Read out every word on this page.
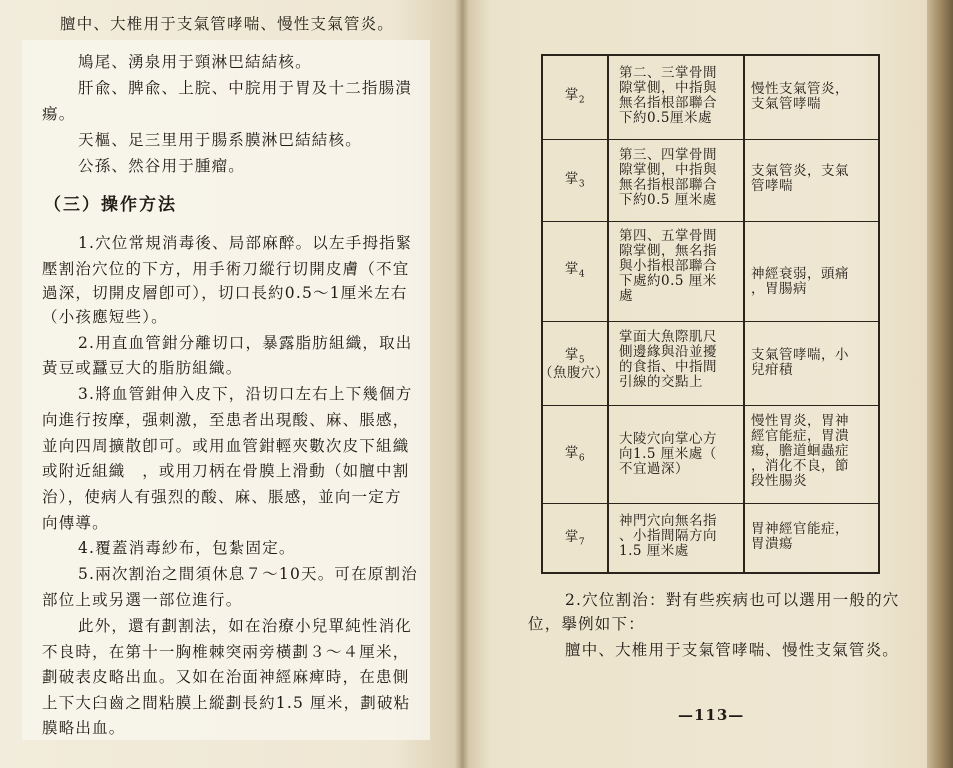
膻中、大椎用于支氣管哮喘、慢性支氣管炎。
鳩尾、湧泉用于頸淋巴結結核。
肝兪、脾兪、上脘、中脘用于胃及十二指腸潰
瘍。
天樞、足三里用于腸系膜淋巴結結核。
公孫、然谷用于腫瘤。
（三）操作方法
1.穴位常規消毒後、局部麻醉。以左手拇指緊
壓割治穴位的下方，用手術刀縱行切開皮膚（不宜
過深，切開皮層卽可），切口長約0.5～1厘米左右
（小孩應短些）。
2.用直血管鉗分離切口，暴露脂肪組織，取出
黃豆或蠶豆大的脂肪組織。
3.將血管鉗伸入皮下，沿切口左右上下幾個方
向進行按摩，强刺激，至患者出現酸、麻、脹感，
並向四周擴散卽可。或用血管鉗輕夾數次皮下組織
或附近組織　，或用刀柄在骨膜上滑動（如膻中割
治），使病人有强烈的酸、麻、脹感，並向一定方
向傳導。
4.覆蓋消毒紗布，包紮固定。
5.兩次割治之間須休息７～10天。可在原割治
部位上或另選一部位進行。
此外，還有劃割法，如在治療小兒單純性消化
不良時，在第十一胸椎棘突兩旁橫劃３～４厘米，
劃破表皮略出血。又如在治面神經麻痺時，在患側
上下大臼齒之間粘膜上縱劃長約1.5 厘米，劃破粘
膜略出血。
掌$_2$
第二、三掌骨間
隙掌側，中指與
無名指根部聯合
下約0.5厘米處
慢性支氣管炎，
支氣管哮喘
掌$_3$
第三、四掌骨間
隙掌側，中指與
無名指根部聯合
下約0.5 厘米處
支氣管炎，支氣
管哮喘
掌$_4$
第四、五掌骨間
隙掌側，無名指
與小指根部聯合
下處約0.5 厘米
處
神經衰弱，頭痛
，胃腸病
掌$_5$
（魚腹穴）
掌面大魚際肌尺
側邊緣與沿並擾
的食指、中指間
引線的交點上
支氣管哮喘，小
兒疳積
掌$_6$
大陵穴向掌心方
向1.5 厘米處（
不宜過深）
慢性胃炎，胃神
經官能症，胃潰
瘍，膽道蛔蟲症
，消化不良，節
段性腸炎
掌$_7$
神門穴向無名指
、小指間隔方向
1.5 厘米處
胃神經官能症，
胃潰瘍
2.穴位割治：對有些疾病也可以選用一般的穴
位，擧例如下：
膻中、大椎用于支氣管哮喘、慢性支氣管炎。
—113—
